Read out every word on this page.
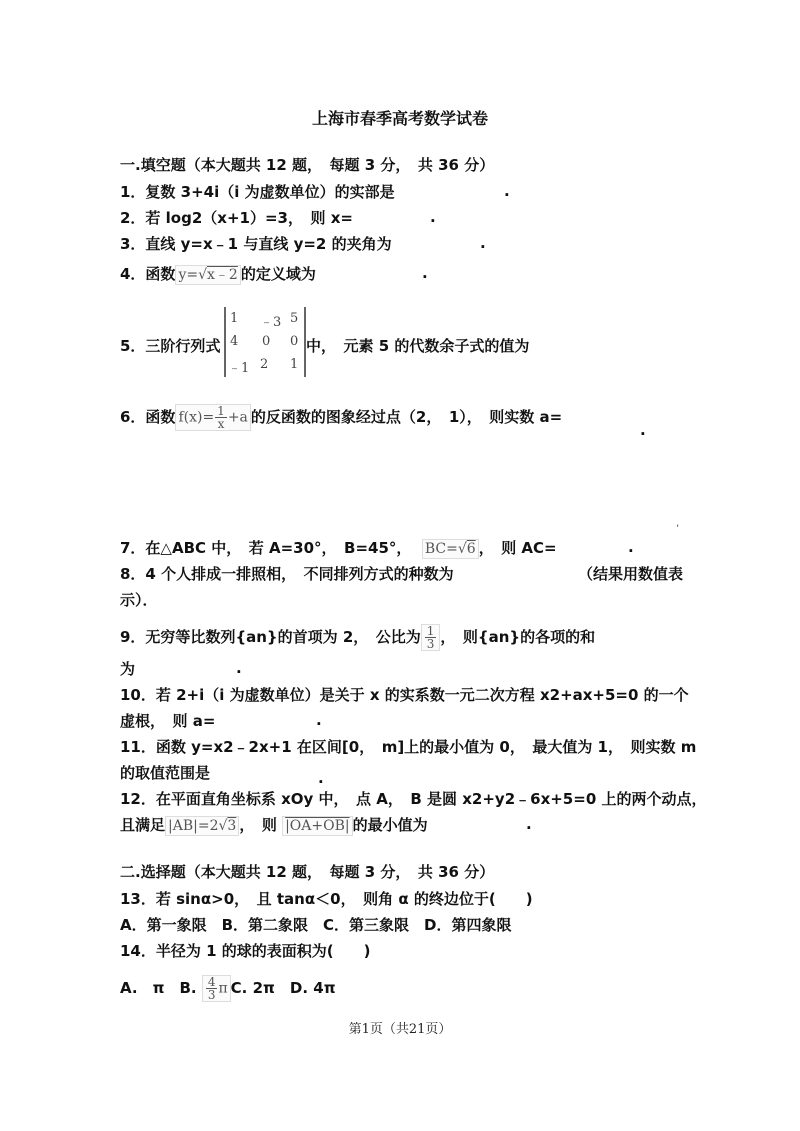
上海市春季高考数学试卷
一.填空题（本大题共 12 题，　每题 3 分，　共 36 分）
1．复数 3+4i（i 为虚数单位）的实部是	.
2．若 log2（x+1）=3，　则 x=	.
3．直线 y=x﹣1 与直线 y=2 的夹角为	.
4．函数 y=√x﹣2 的定义域为	.
5．三阶行列式
1 ﹣3 5
4 0 0
﹣1 2 1
中，　元素 5 的代数余子式的值为
6．函数 $f(x)= \frac{1}{x} +a$ 的反函数的图象经过点（2，　1），　则实数 a=
.
,
7．在△ABC 中，　若 A=30°，　B=45°， BC=√6 ，　则 AC=	.
8．4 个人排成一排照相，　不同排列方式的种数为	（结果用数值表
示）．
9．无穷等比数列{an}的首项为 2，　公比为 $\frac{1}{3}$ ，　则{an}的各项的和
为	.
10．若 2+i（i 为虚数单位）是关于 x 的实系数一元二次方程 x2+ax+5=0 的一个
虚根，　则 a=	.
11．函数 y=x2﹣2x+1 在区间[0，　m]上的最小值为 0，　最大值为 1，　则实数 m
的取值范围是	.
12．在平面直角坐标系 xOy 中，　点 A，　B 是圆 x2+y2﹣6x+5=0 上的两个动点，
且满足 |AB|=2√3 ，　则 |OA+OB| 的最小值为	.
二.选择题（本大题共 12 题，　每题 3 分，　共 36 分）
13．若 sinα>0，　且 tanα＜0，　则角 α 的终边位于(　　)
A．第一象限　B．第二象限　C．第三象限　D．第四象限
14．半径为 1 的球的表面积为(　　)
A.　π　B. $\frac{4}{3}$ π C. 2π　D. 4π
第1页（共21页）
